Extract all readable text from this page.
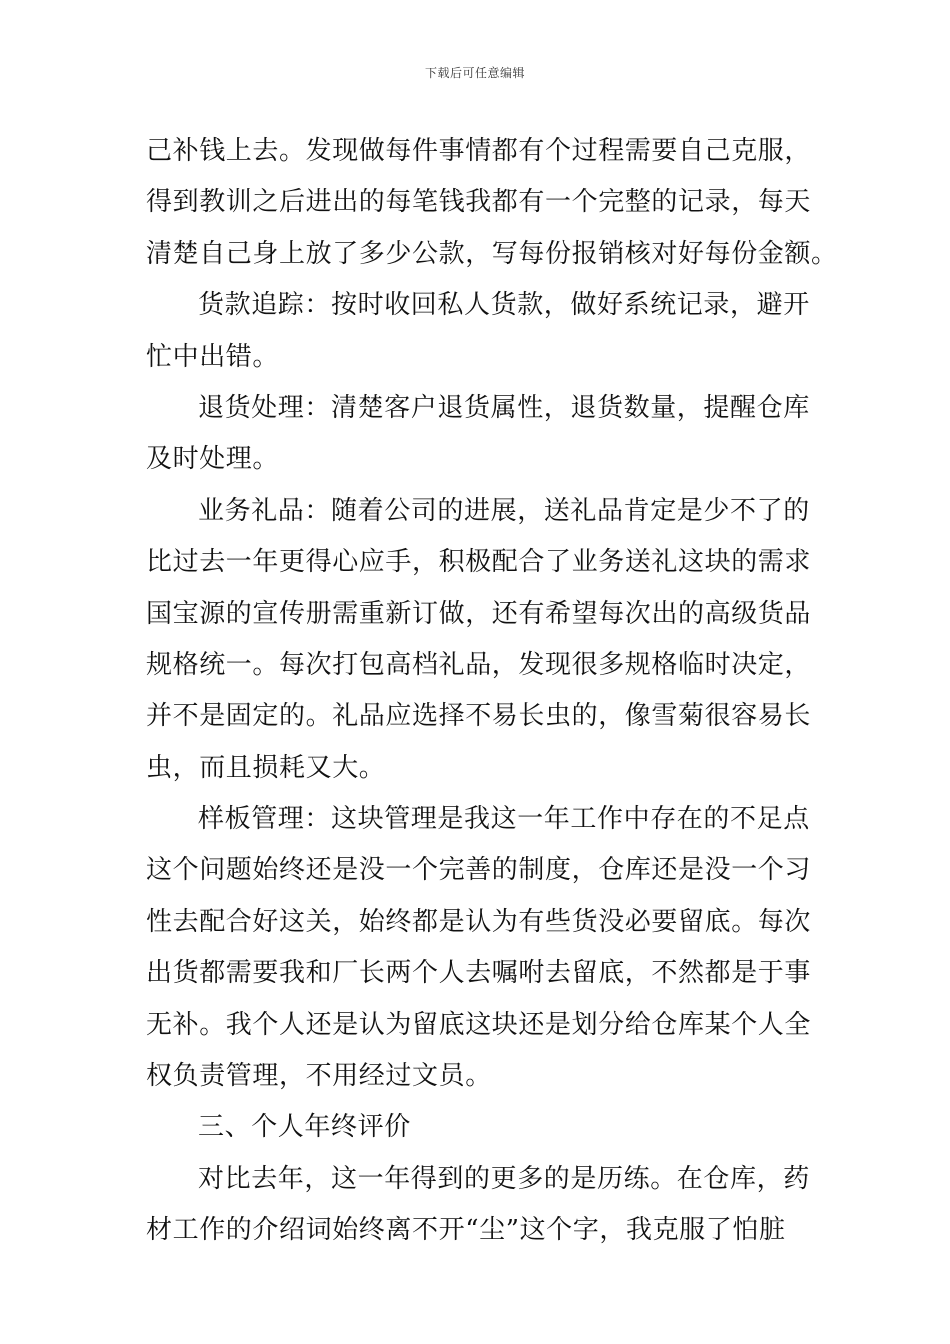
下载后可任意编辑
己补钱上去。发现做每件事情都有个过程需要自己克服，
得到教训之后进出的每笔钱我都有一个完整的记录，每天
清楚自己身上放了多少公款，写每份报销核对好每份金额。
货款追踪：按时收回私人货款，做好系统记录，避开
忙中出错。
退货处理：清楚客户退货属性，退货数量，提醒仓库
及时处理。
业务礼品：随着公司的进展，送礼品肯定是少不了的
比过去一年更得心应手，积极配合了业务送礼这块的需求
国宝源的宣传册需重新订做，还有希望每次出的高级货品
规格统一。每次打包高档礼品，发现很多规格临时决定，
并不是固定的。礼品应选择不易长虫的，像雪菊很容易长
虫，而且损耗又大。
样板管理：这块管理是我这一年工作中存在的不足点
这个问题始终还是没一个完善的制度，仓库还是没一个习
性去配合好这关，始终都是认为有些货没必要留底。每次
出货都需要我和厂长两个人去嘱咐去留底，不然都是于事
无补。我个人还是认为留底这块还是划分给仓库某个人全
权负责管理，不用经过文员。
三、个人年终评价
对比去年，这一年得到的更多的是历练。在仓库，药
材工作的介绍词始终离不开“尘”这个字，我克服了怕脏
